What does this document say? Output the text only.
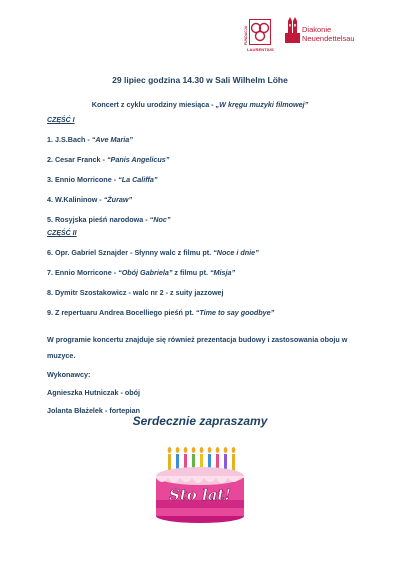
FUNDACJA
LAURENTIUS
Diakonie
Neuendettelsau
29 lipiec godzina 14.30 w Sali Wilhelm Löhe
Koncert z cyklu urodziny miesiąca - „W kręgu muzyki filmowej”
CZĘŚĆ I
1. J.S.Bach - “Ave Maria”
2. Cesar Franck - “Panis Angelicus”
3. Ennio Morricone - “La Califfa”
4. W.Kalininow - “Żuraw”
5. Rosyjska pieśń narodowa - “Noc”
CZĘŚĆ II
6. Opr. Gabriel Sznajder - Słynny walc z filmu pt. “Noce i dnie”
7. Ennio Morricone - “Obój Gabriela” z filmu pt. “Misja”
8. Dymitr Szostakowicz - walc nr 2 - z suity jazzowej
9. Z repertuaru Andrea Bocelliego pieśń pt. “Time to say goodbye”
W programie koncertu znajduje się również prezentacja budowy i zastosowania oboju w muzyce.
Wykonawcy:
Agnieszka Hutniczak - obój
Jolanta Błażelek - fortepian
Serdecznie zapraszamy
Sto lat!
